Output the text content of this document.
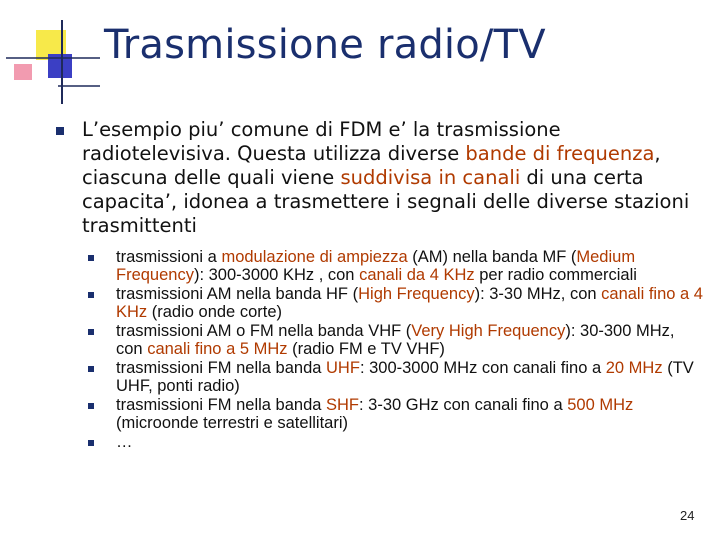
Trasmissione radio/TV
L’esempio piu’ comune di FDM e’ la trasmissione radiotelevisiva. Questa utilizza diverse bande di frequenza, ciascuna delle quali viene suddivisa in canali di una certa capacita’, idonea a trasmettere i segnali delle diverse stazioni trasmittenti
trasmissioni a modulazione di ampiezza (AM) nella banda MF (Medium Frequency): 300-3000 KHz , con canali da 4 KHz per radio commerciali
trasmissioni AM nella banda HF (High Frequency): 3-30 MHz, con canali fino a 4 KHz (radio onde corte)
trasmissioni AM o FM nella banda VHF (Very High Frequency): 30-300 MHz, con canali fino a 5 MHz (radio FM e TV VHF)
trasmissioni FM nella banda UHF: 300-3000 MHz con canali fino a 20 MHz (TV UHF, ponti radio)
trasmissioni FM nella banda SHF: 3-30 GHz con canali fino a 500 MHz (microonde terrestri e satellitari)
…
24
